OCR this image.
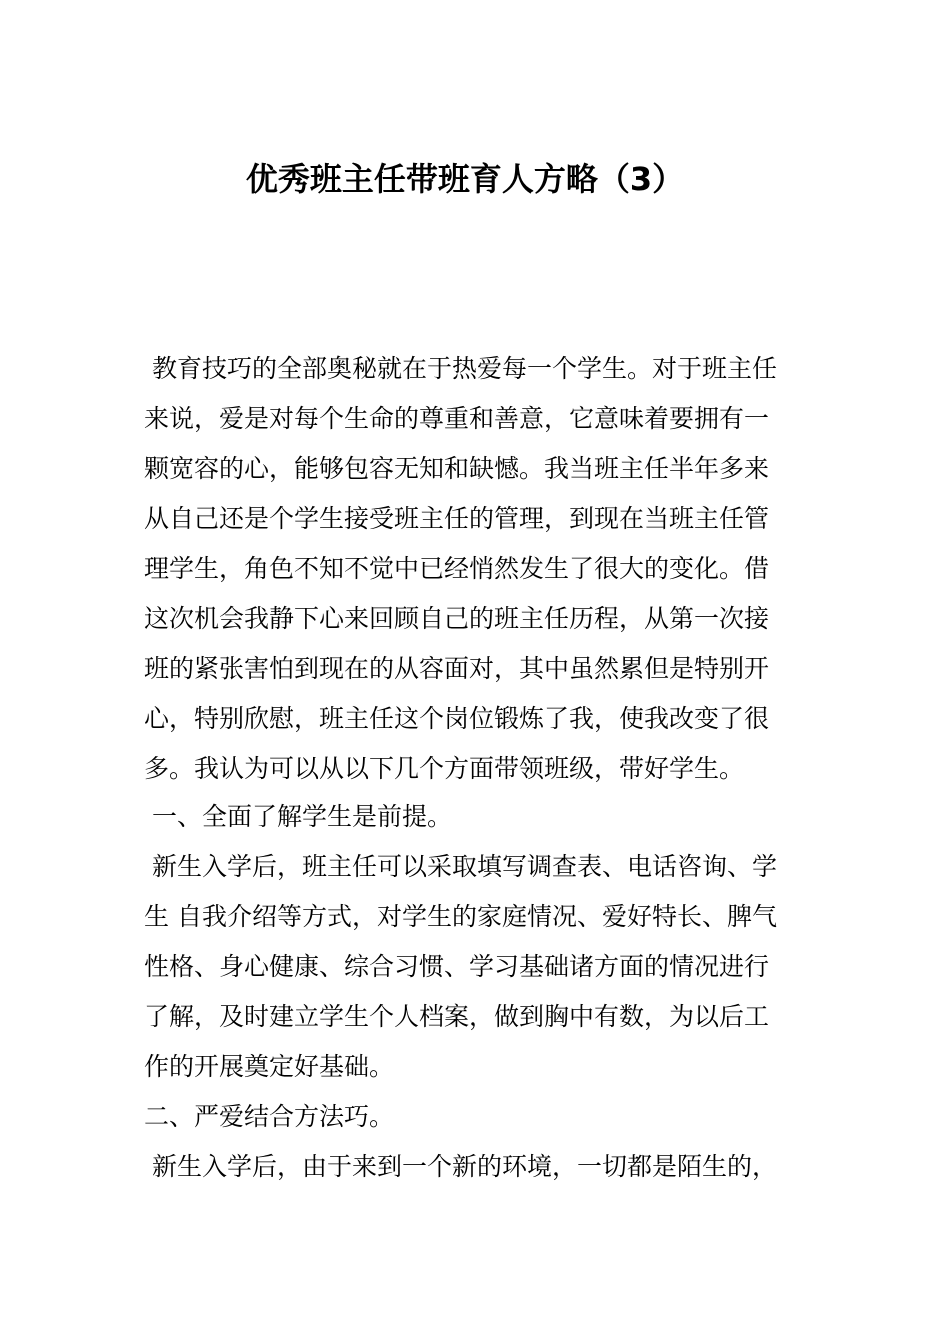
优秀班主任带班育人方略（3）
教育技巧的全部奥秘就在于热爱每一个学生。对于班主任
来说，爱是对每个生命的尊重和善意，它意味着要拥有一
颗宽容的心，能够包容无知和缺憾。我当班主任半年多来
从自己还是个学生接受班主任的管理，到现在当班主任管
理学生，角色不知不觉中已经悄然发生了很大的变化。借
这次机会我静下心来回顾自己的班主任历程，从第一次接
班的紧张害怕到现在的从容面对，其中虽然累但是特别开
心，特别欣慰，班主任这个岗位锻炼了我，使我改变了很
多。我认为可以从以下几个方面带领班级，带好学生。
一、全面了解学生是前提。
新生入学后，班主任可以采取填写调查表、电话咨询、学
生 自我介绍等方式，对学生的家庭情况、爱好特长、脾气
性格、身心健康、综合习惯、学习基础诸方面的情况进行
了解，及时建立学生个人档案，做到胸中有数，为以后工
作的开展奠定好基础。
二、严爱结合方法巧。
新生入学后，由于来到一个新的环境，一切都是陌生的，
